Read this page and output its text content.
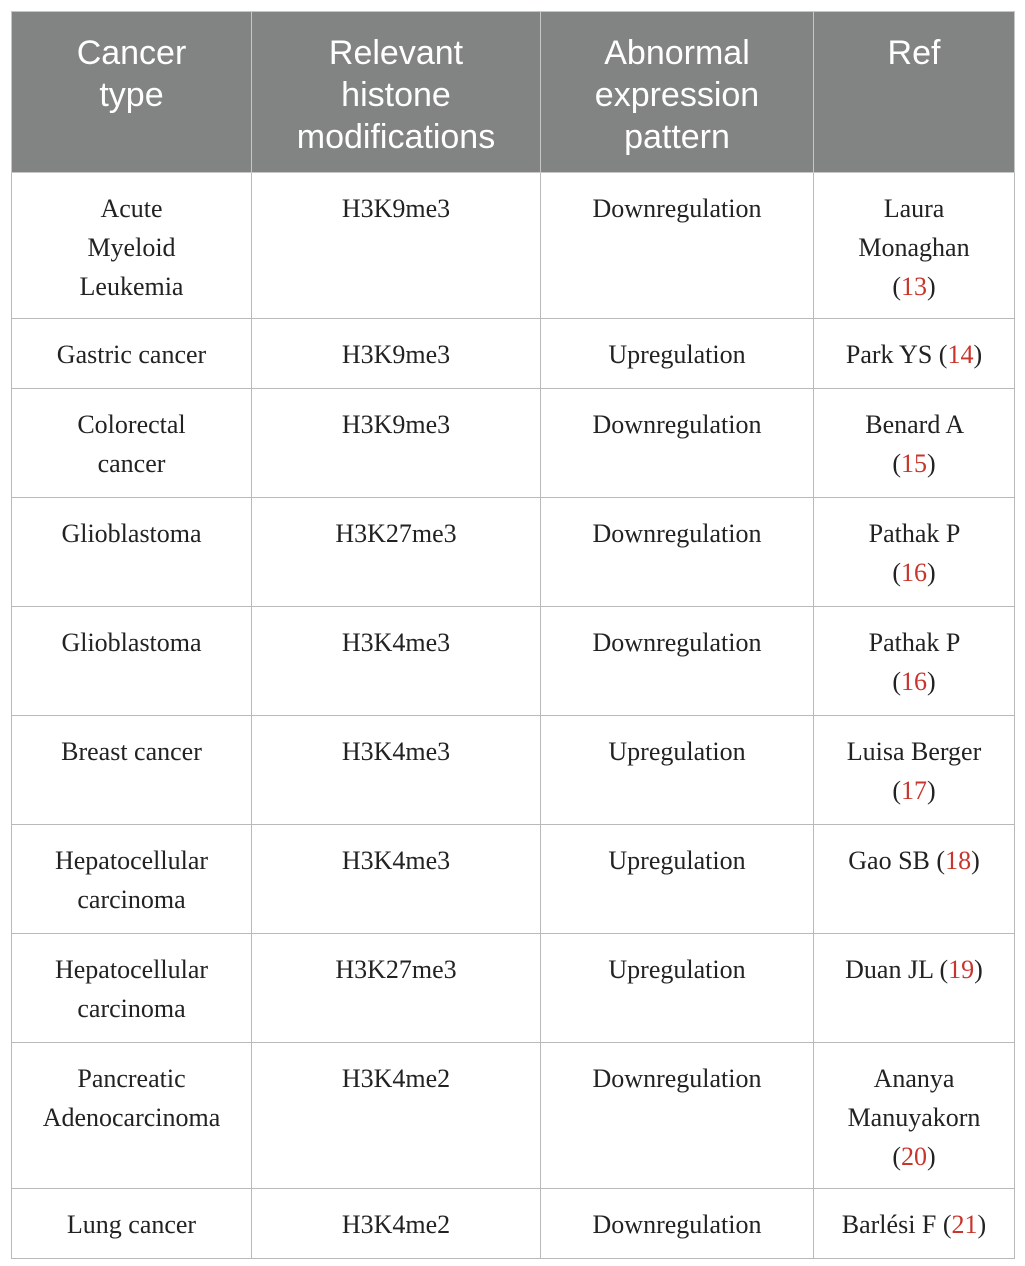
Cancer type	Relevant histone modifications	Abnormal expression pattern	Ref
Acute Myeloid Leukemia	H3K9me3	Downregulation	Laura Monaghan (13)
Gastric cancer	H3K9me3	Upregulation	Park YS (14)
Colorectal cancer	H3K9me3	Downregulation	Benard A (15)
Glioblastoma	H3K27me3	Downregulation	Pathak P (16)
Glioblastoma	H3K4me3	Downregulation	Pathak P (16)
Breast cancer	H3K4me3	Upregulation	Luisa Berger (17)
Hepatocellular carcinoma	H3K4me3	Upregulation	Gao SB (18)
Hepatocellular carcinoma	H3K27me3	Upregulation	Duan JL (19)
Pancreatic Adenocarcinoma	H3K4me2	Downregulation	Ananya Manuyakorn (20)
Lung cancer	H3K4me2	Downregulation	Barlési F (21)
